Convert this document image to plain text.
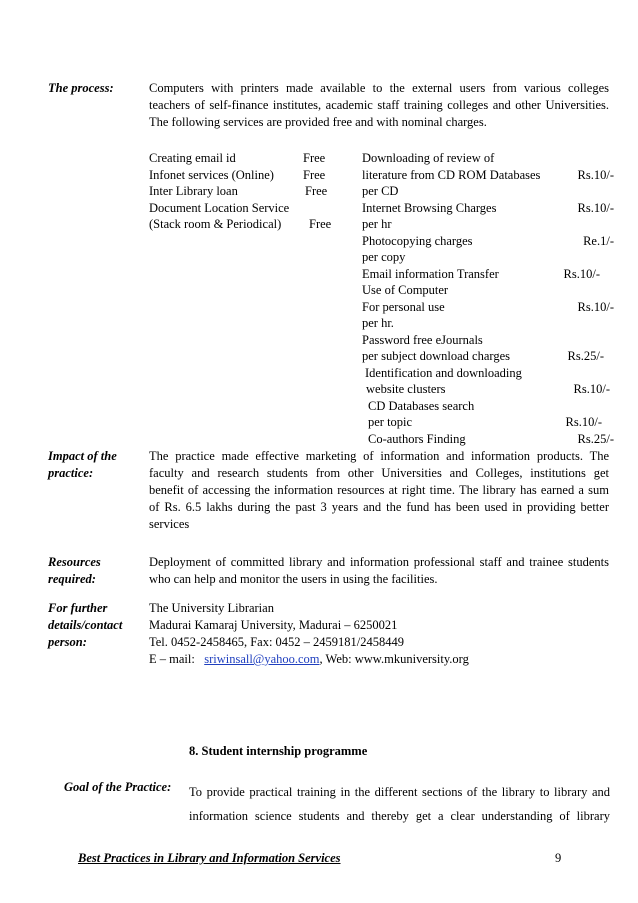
The process:	Computers with printers made available to the external users from various colleges
teachers of self-finance institutes, academic staff training colleges and other Universities.
The following services are provided free and with nominal charges.
Creating email id	Free
Infonet services (Online) Free
Inter Library loan	Free
Document Location Service
(Stack room & Periodical) Free
Downloading of review of
literature from CD ROM Databases	Rs.10/-
per CD
Internet Browsing Charges	Rs.10/-
per hr
Photocopying charges	Re.1/-
per copy
Email information Transfer	Rs.10/-
Use of Computer
For personal use	Rs.10/-
per hr.
Password free eJournals
per subject download charges	Rs.25/-
Identification and downloading
website clusters	Rs.10/-
CD Databases search
per topic	Rs.10/-
Co-authors Finding	Rs.25/-
Impact of the
practice:
The practice made effective marketing of information and information products. The
faculty and research students from other Universities and Colleges, institutions get
benefit of accessing the information resources at right time. The library has earned a sum
of Rs. 6.5 lakhs during the past 3 years and the fund has been used in providing better
services
Resources
required:
Deployment of committed library and information professional staff and trainee students
who can help and monitor the users in using the facilities.
For further
details/contact
person:
The University Librarian
Madurai Kamaraj University, Madurai – 6250021
Tel. 0452-2458465, Fax: 0452 – 2459181/2458449
E – mail:   sriwinsall@yahoo.com, Web: www.mkuniversity.org
8. Student internship programme
Goal of the Practice: To provide practical training in the different sections of the library to library and
information science students and thereby get a clear understanding of library
Best Practices in Library and Information Services	9
